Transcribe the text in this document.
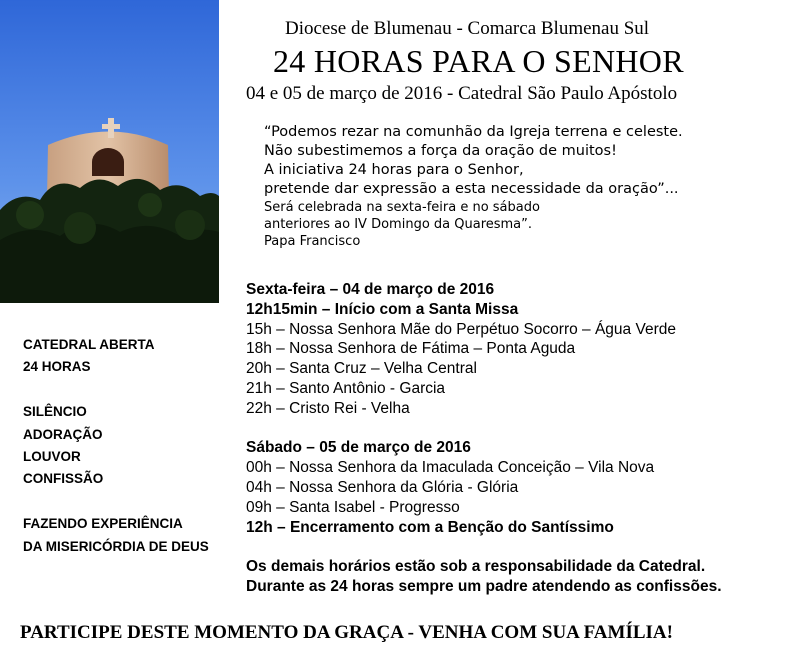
Diocese de Blumenau - Comarca Blumenau Sul
24 HORAS PARA O SENHOR
04 e 05 de março de 2016 - Catedral São Paulo Apóstolo
“Podemos rezar na comunhão da Igreja terrena e celeste.
Não subestimemos a força da oração de muitos!
A iniciativa 24 horas para o Senhor,
pretende dar expressão a esta necessidade da oração”...
Será celebrada na sexta-feira e no sábado
anteriores ao IV Domingo da Quaresma”.
Papa Francisco
Sexta-feira – 04 de março de 2016
12h15min – Início com a Santa Missa
15h – Nossa Senhora Mãe do Perpétuo Socorro – Água Verde
18h – Nossa Senhora de Fátima – Ponta Aguda
20h – Santa Cruz – Velha Central
21h – Santo Antônio - Garcia
22h – Cristo Rei - Velha
Sábado – 05 de março de 2016
00h – Nossa Senhora da Imaculada Conceição – Vila Nova
04h – Nossa Senhora da Glória - Glória
09h – Santa Isabel - Progresso
12h – Encerramento com a Benção do Santíssimo
Os demais horários estão sob a responsabilidade da Catedral.
Durante as 24 horas sempre um padre atendendo as confissões.
CATEDRAL ABERTA
24 HORAS
SILÊNCIO
ADORAÇÃO
LOUVOR
CONFISSÃO
FAZENDO EXPERIÊNCIA
DA MISERICÓRDIA DE DEUS
PARTICIPE DESTE MOMENTO DA GRAÇA - VENHA COM SUA FAMÍLIA!
